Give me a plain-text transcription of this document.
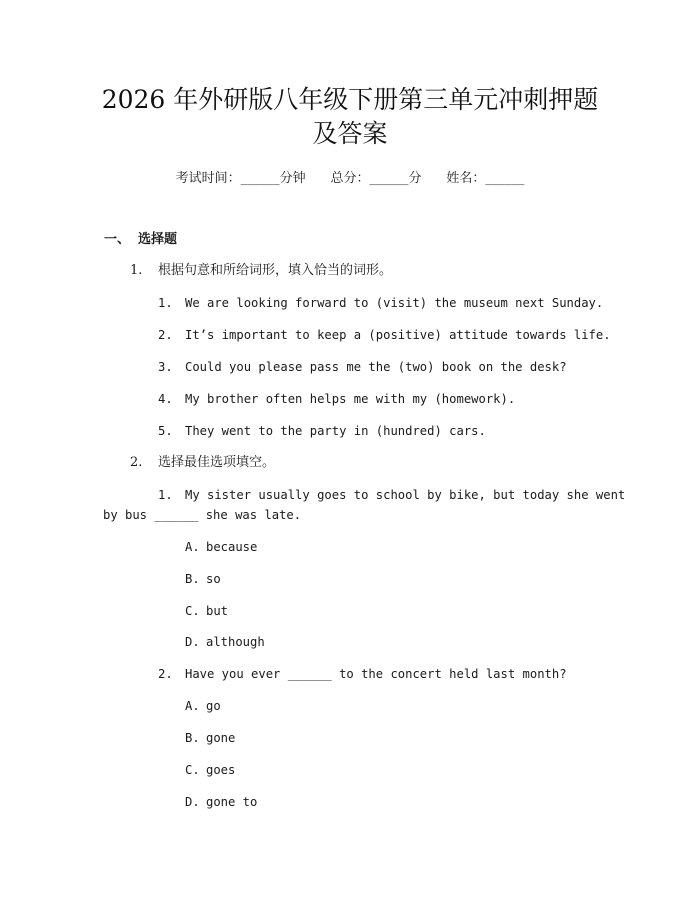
2026 年外研版八年级下册第三单元冲刺押题
及答案
考试时间：______分钟 总分：______分 姓名：______
一、 选择题
1. 根据句意和所给词形，填入恰当的词形。
1. We are looking forward to (visit) the museum next Sunday.
2. It’s important to keep a (positive) attitude towards life.
3. Could you please pass me the (two) book on the desk?
4. My brother often helps me with my (homework).
5. They went to the party in (hundred) cars.
2. 选择最佳选项填空。
1. My sister usually goes to school by bike, but today she went
by bus ______ she was late.
A. because
B. so
C. but
D. although
2. Have you ever ______ to the concert held last month?
A. go
B. gone
C. goes
D. gone to
